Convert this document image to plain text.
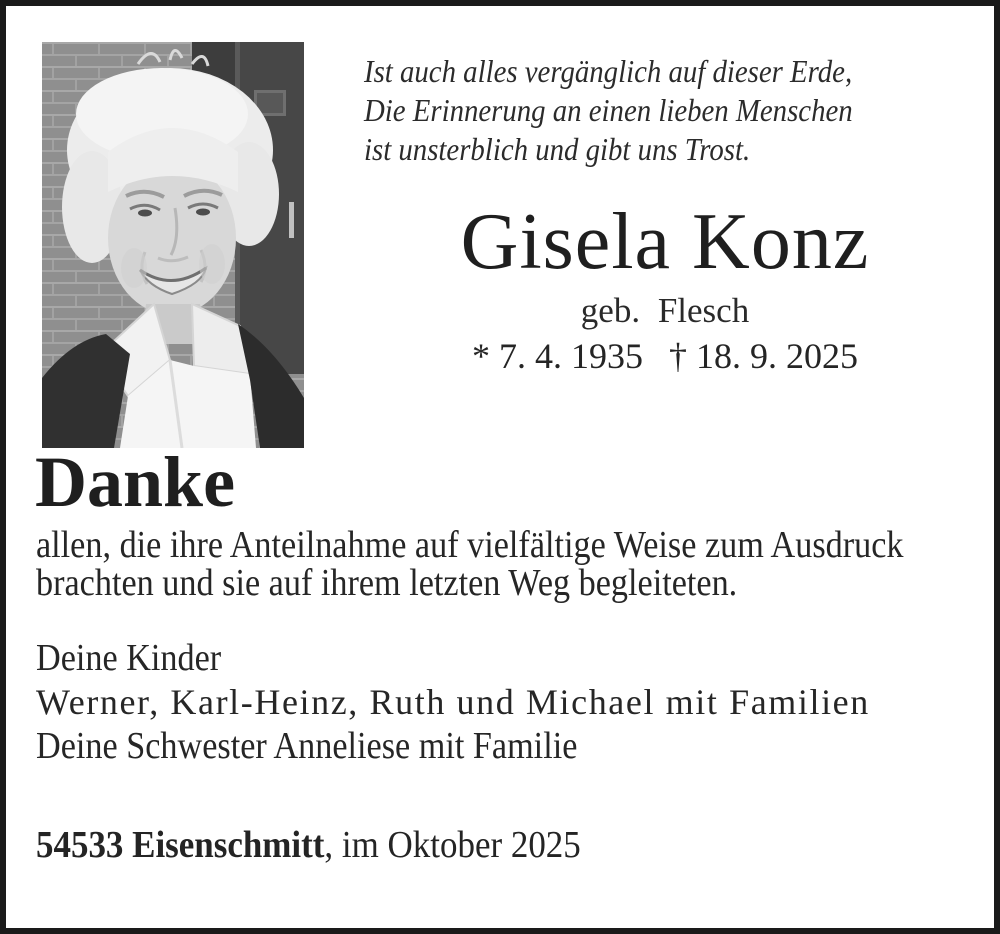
Ist auch alles vergänglich auf dieser Erde,
Die Erinnerung an einen lieben Menschen
ist unsterblich und gibt uns Trost.
Gisela Konz
geb. Flesch
* 7. 4. 1935 † 18. 9. 2025
Danke
allen, die ihre Anteilnahme auf vielfältige Weise zum Ausdruck
brachten und sie auf ihrem letzten Weg begleiteten.
Deine Kinder
Werner, Karl-Heinz, Ruth und Michael mit Familien
Deine Schwester Anneliese mit Familie
54533 Eisenschmitt, im Oktober 2025
